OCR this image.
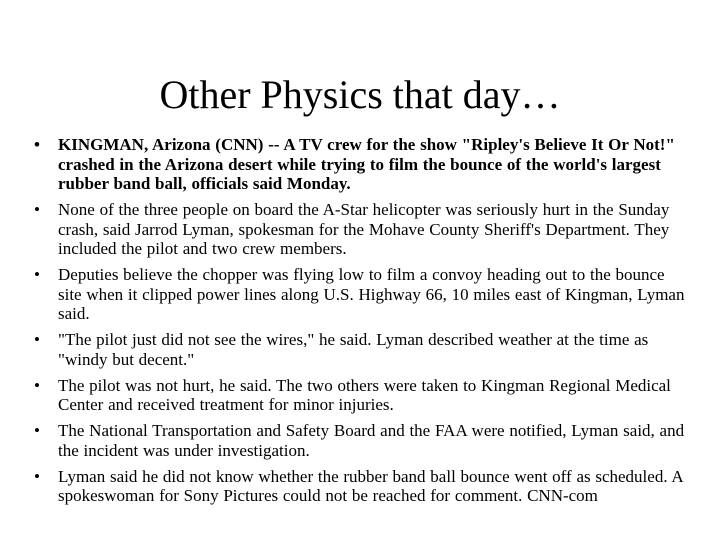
Other Physics that day…
• KINGMAN, Arizona (CNN) -- A TV crew for the show "Ripley's Believe It Or Not!" crashed in the Arizona desert while trying to film the bounce of the world's largest rubber band ball, officials said Monday.
• None of the three people on board the A-Star helicopter was seriously hurt in the Sunday crash, said Jarrod Lyman, spokesman for the Mohave County Sheriff's Department. They included the pilot and two crew members.
• Deputies believe the chopper was flying low to film a convoy heading out to the bounce site when it clipped power lines along U.S. Highway 66, 10 miles east of Kingman, Lyman said.
• "The pilot just did not see the wires," he said. Lyman described weather at the time as "windy but decent."
• The pilot was not hurt, he said. The two others were taken to Kingman Regional Medical Center and received treatment for minor injuries.
• The National Transportation and Safety Board and the FAA were notified, Lyman said, and the incident was under investigation.
• Lyman said he did not know whether the rubber band ball bounce went off as scheduled. A spokeswoman for Sony Pictures could not be reached for comment. CNN-com
